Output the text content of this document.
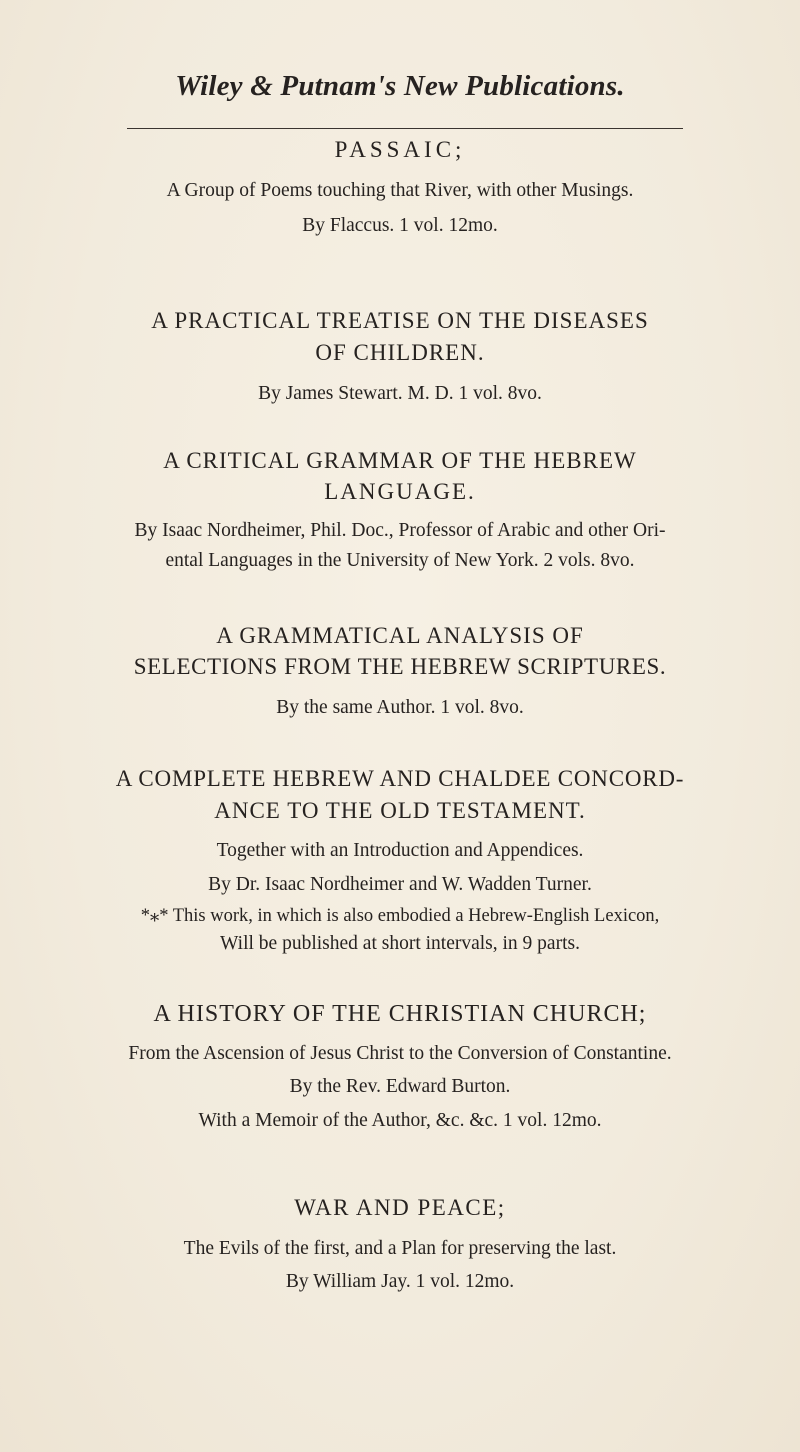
Wiley & Putnam's New Publications.
PASSAIC;
A Group of Poems touching that River, with other Musings.
By Flaccus. 1 vol. 12mo.
A PRACTICAL TREATISE ON THE DISEASES
OF CHILDREN.
By James Stewart. M. D. 1 vol. 8vo.
A CRITICAL GRAMMAR OF THE HEBREW
LANGUAGE.
By Isaac Nordheimer, Phil. Doc., Professor of Arabic and other Ori-
ental Languages in the University of New York. 2 vols. 8vo.
A GRAMMATICAL ANALYSIS OF
SELECTIONS FROM THE HEBREW SCRIPTURES.
By the same Author. 1 vol. 8vo.
A COMPLETE HEBREW AND CHALDEE CONCORD-
ANCE TO THE OLD TESTAMENT.
Together with an Introduction and Appendices.
By Dr. Isaac Nordheimer and W. Wadden Turner.
*⁎* This work, in which is also embodied a Hebrew-English Lexicon,
Will be published at short intervals, in 9 parts.
A HISTORY OF THE CHRISTIAN CHURCH;
From the Ascension of Jesus Christ to the Conversion of Constantine.
By the Rev. Edward Burton.
With a Memoir of the Author, &c. &c. 1 vol. 12mo.
WAR AND PEACE;
The Evils of the first, and a Plan for preserving the last.
By William Jay. 1 vol. 12mo.
